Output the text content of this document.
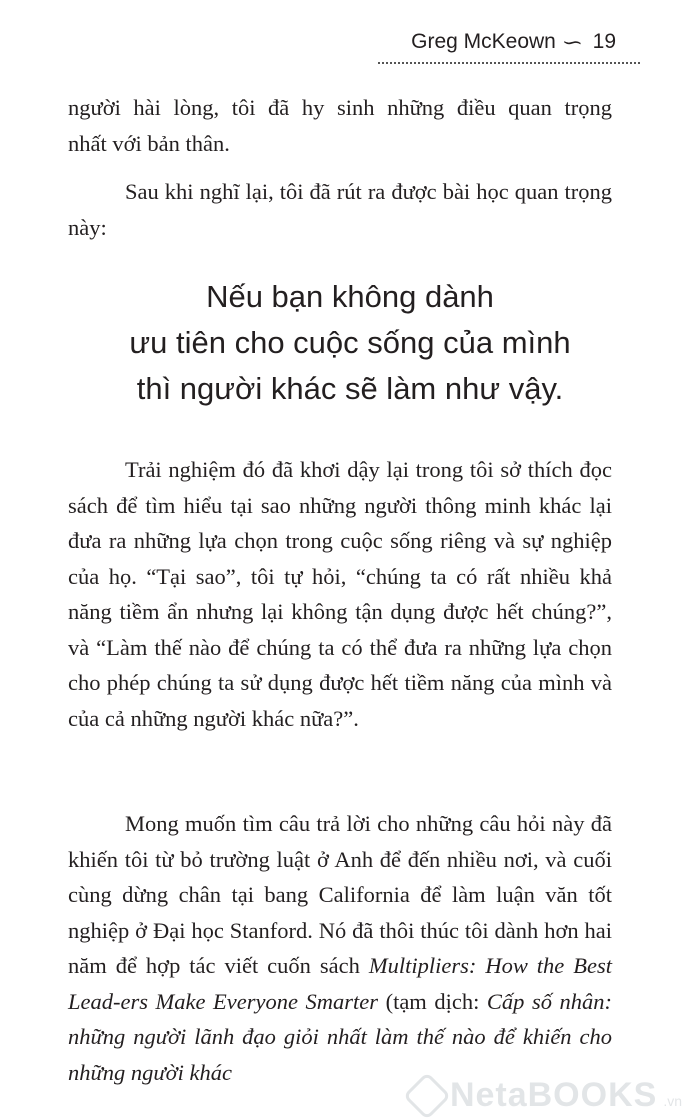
Greg McKeown ∽ 19
người hài lòng, tôi đã hy sinh những điều quan trọng
nhất với bản thân.

Sau khi nghĩ lại, tôi đã rút ra được bài học quan trọng này:

Nếu bạn không dành
ưu tiên cho cuộc sống của mình
thì người khác sẽ làm như vậy.

Trải nghiệm đó đã khơi dậy lại trong tôi sở thích đọc sách để tìm hiểu tại sao những người thông minh khác lại đưa ra những lựa chọn trong cuộc sống riêng và sự nghiệp của họ. “Tại sao”, tôi tự hỏi, “chúng ta có rất nhiều khả năng tiềm ẩn nhưng lại không tận dụng được hết chúng?”, và “Làm thế nào để chúng ta có thể đưa ra những lựa chọn cho phép chúng ta sử dụng được hết tiềm năng của mình và của cả những người khác nữa?”.

Mong muốn tìm câu trả lời cho những câu hỏi này đã khiến tôi từ bỏ trường luật ở Anh để đến nhiều nơi, và cuối cùng dừng chân tại bang California để làm luận văn tốt nghiệp ở Đại học Stanford. Nó đã thôi thúc tôi dành hơn hai năm để hợp tác viết cuốn sách Multipliers: How the Best Lead-ers Make Everyone Smarter (tạm dịch: Cấp số nhân: những người lãnh đạo giỏi nhất làm thế nào để khiến cho những người khác

NetaBOOKS .vn
